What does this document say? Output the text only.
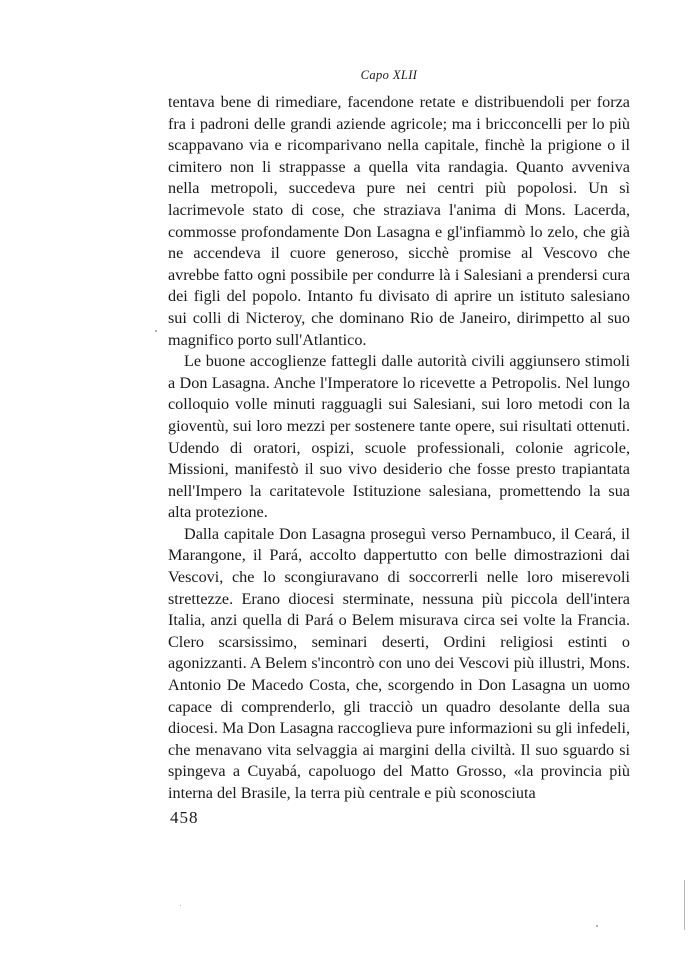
Capo XLII

tentava bene di rimediare, facendone retate e distribuendoli per forza fra i padroni delle grandi aziende agricole; ma i bricconcelli per lo più scappavano via e ricomparivano nella capitale, finchè la prigione o il cimitero non li strappasse a quella vita randagia. Quanto avveniva nella metropoli, succedeva pure nei centri più popolosi. Un sì lacrimevole stato di cose, che straziava l'anima di Mons. Lacerda, commosse profondamente Don Lasagna e gl'infiammò lo zelo, che già ne accendeva il cuore generoso, sicchè promise al Vescovo che avrebbe fatto ogni possibile per condurre là i Salesiani a prendersi cura dei figli del popolo. Intanto fu divisato di aprire un istituto salesiano sui colli di Nicteroy, che dominano Rio de Janeiro, dirimpetto al suo magnifico porto sull'Atlantico.

Le buone accoglienze fattegli dalle autorità civili aggiunsero stimoli a Don Lasagna. Anche l'Imperatore lo ricevette a Petropolis. Nel lungo colloquio volle minuti ragguagli sui Salesiani, sui loro metodi con la gioventù, sui loro mezzi per sostenere tante opere, sui risultati ottenuti. Udendo di oratori, ospizi, scuole professionali, colonie agricole, Missioni, manifestò il suo vivo desiderio che fosse presto trapiantata nell'Impero la caritatevole Istituzione salesiana, promettendo la sua alta protezione.

Dalla capitale Don Lasagna proseguì verso Pernambuco, il Ceará, il Marangone, il Pará, accolto dappertutto con belle dimostrazioni dai Vescovi, che lo scongiuravano di soccorrerli nelle loro miserevoli strettezze. Erano diocesi sterminate, nessuna più piccola dell'intera Italia, anzi quella di Pará o Belem misurava circa sei volte la Francia. Clero scarsissimo, seminari deserti, Ordini religiosi estinti o agonizzanti. A Belem s'incontrò con uno dei Vescovi più illustri, Mons. Antonio De Macedo Costa, che, scorgendo in Don Lasagna un uomo capace di comprenderlo, gli tracciò un quadro desolante della sua diocesi. Ma Don Lasagna raccoglieva pure informazioni su gli infedeli, che menavano vita selvaggia ai margini della civiltà. Il suo sguardo si spingeva a Cuyabá, capoluogo del Matto Grosso, «la provincia più interna del Brasile, la terra più centrale e più sconosciuta

458
